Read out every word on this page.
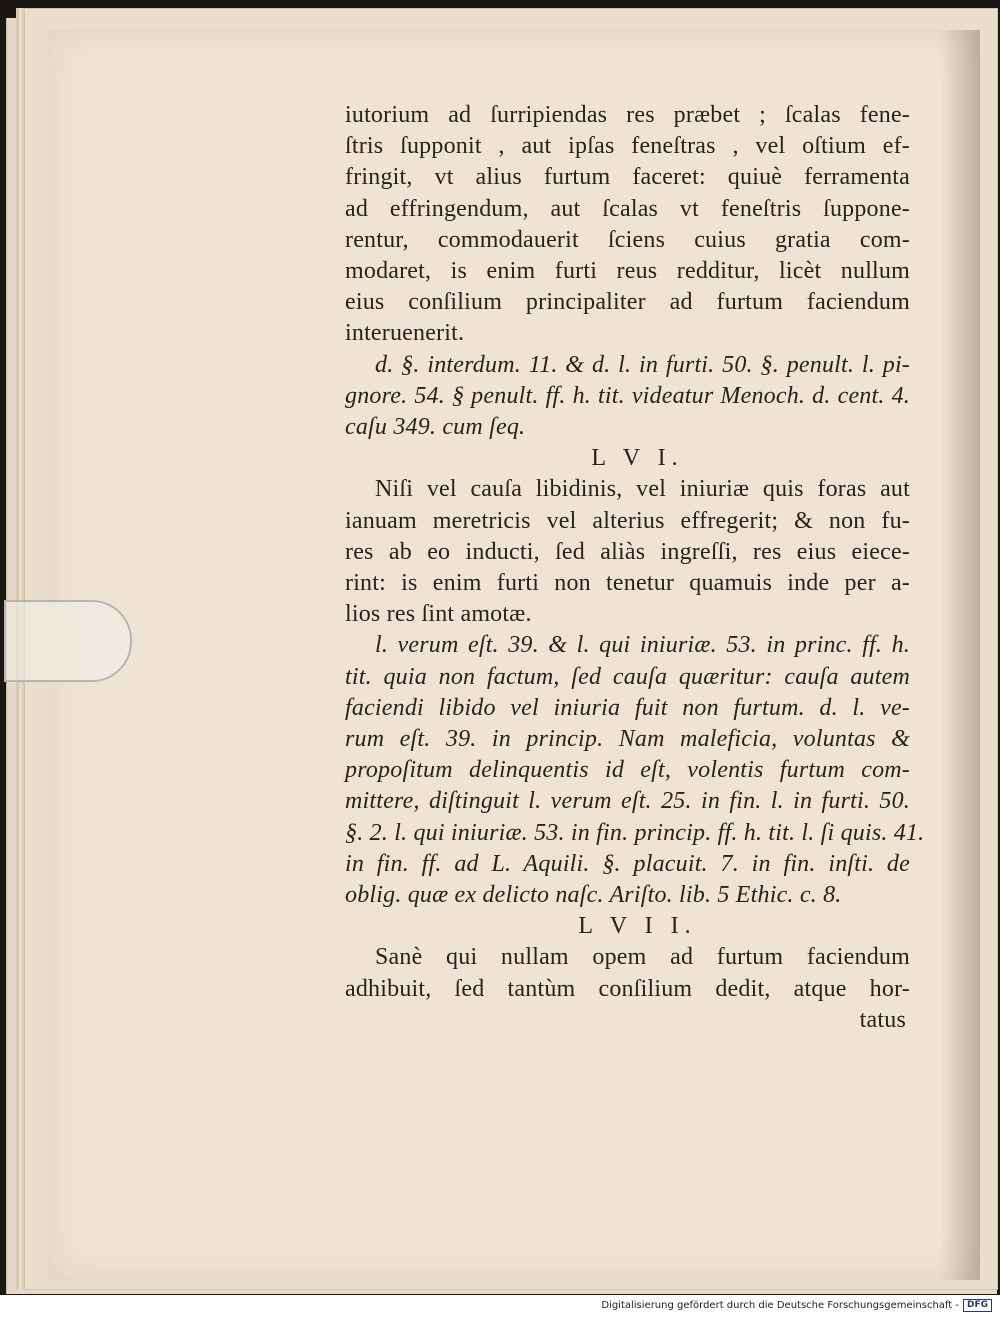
iutorium ad ſurripiendas res præbet ; ſcalas fene-
ſtris ſupponit , aut ipſas feneſtras , vel oſtium ef-
fringit, vt alius furtum faceret: quiuè ferramenta
ad effringendum, aut ſcalas vt feneſtris ſuppone-
rentur, commodauerit ſciens cuius gratia com-
modaret, is enim furti reus redditur, licèt nullum
eius conſilium principaliter ad furtum faciendum
interuenerit.
d. §. interdum. 11. & d. l. in furti. 50. §. penult. l. pi-
gnore. 54. § penult. ff. h. tit. videatur Menoch. d. cent. 4.
caſu 349. cum ſeq.
L V I.
Niſi vel cauſa libidinis, vel iniuriæ quis foras aut
ianuam meretricis vel alterius effregerit; & non fu-
res ab eo inducti, ſed aliàs ingreſſi, res eius eiece-
rint: is enim furti non tenetur quamuis inde per a-
lios res ſint amotæ.
l. verum eſt. 39. & l. qui iniuriæ. 53. in princ. ff. h.
tit. quia non factum, ſed cauſa quæritur: cauſa autem
faciendi libido vel iniuria fuit non furtum. d. l. ve-
rum eſt. 39. in princip. Nam maleficia, voluntas &
propoſitum delinquentis id eſt, volentis furtum com-
mittere, diſtinguit l. verum eſt. 25. in fin. l. in furti. 50.
§. 2. l. qui iniuriæ. 53. in fin. princip. ff. h. tit. l. ſi quis. 41.
in fin. ff. ad L. Aquili. §. placuit. 7. in fin. inſti. de
oblig. quæ ex delicto naſc. Ariſto. lib. 5 Ethic. c. 8.
L V I I.
Sanè qui nullam opem ad furtum faciendum
adhibuit, ſed tantùm conſilium dedit, atque hor-
tatus
Digitalisierung gefördert durch die Deutsche Forschungsgemeinschaft - DFG
